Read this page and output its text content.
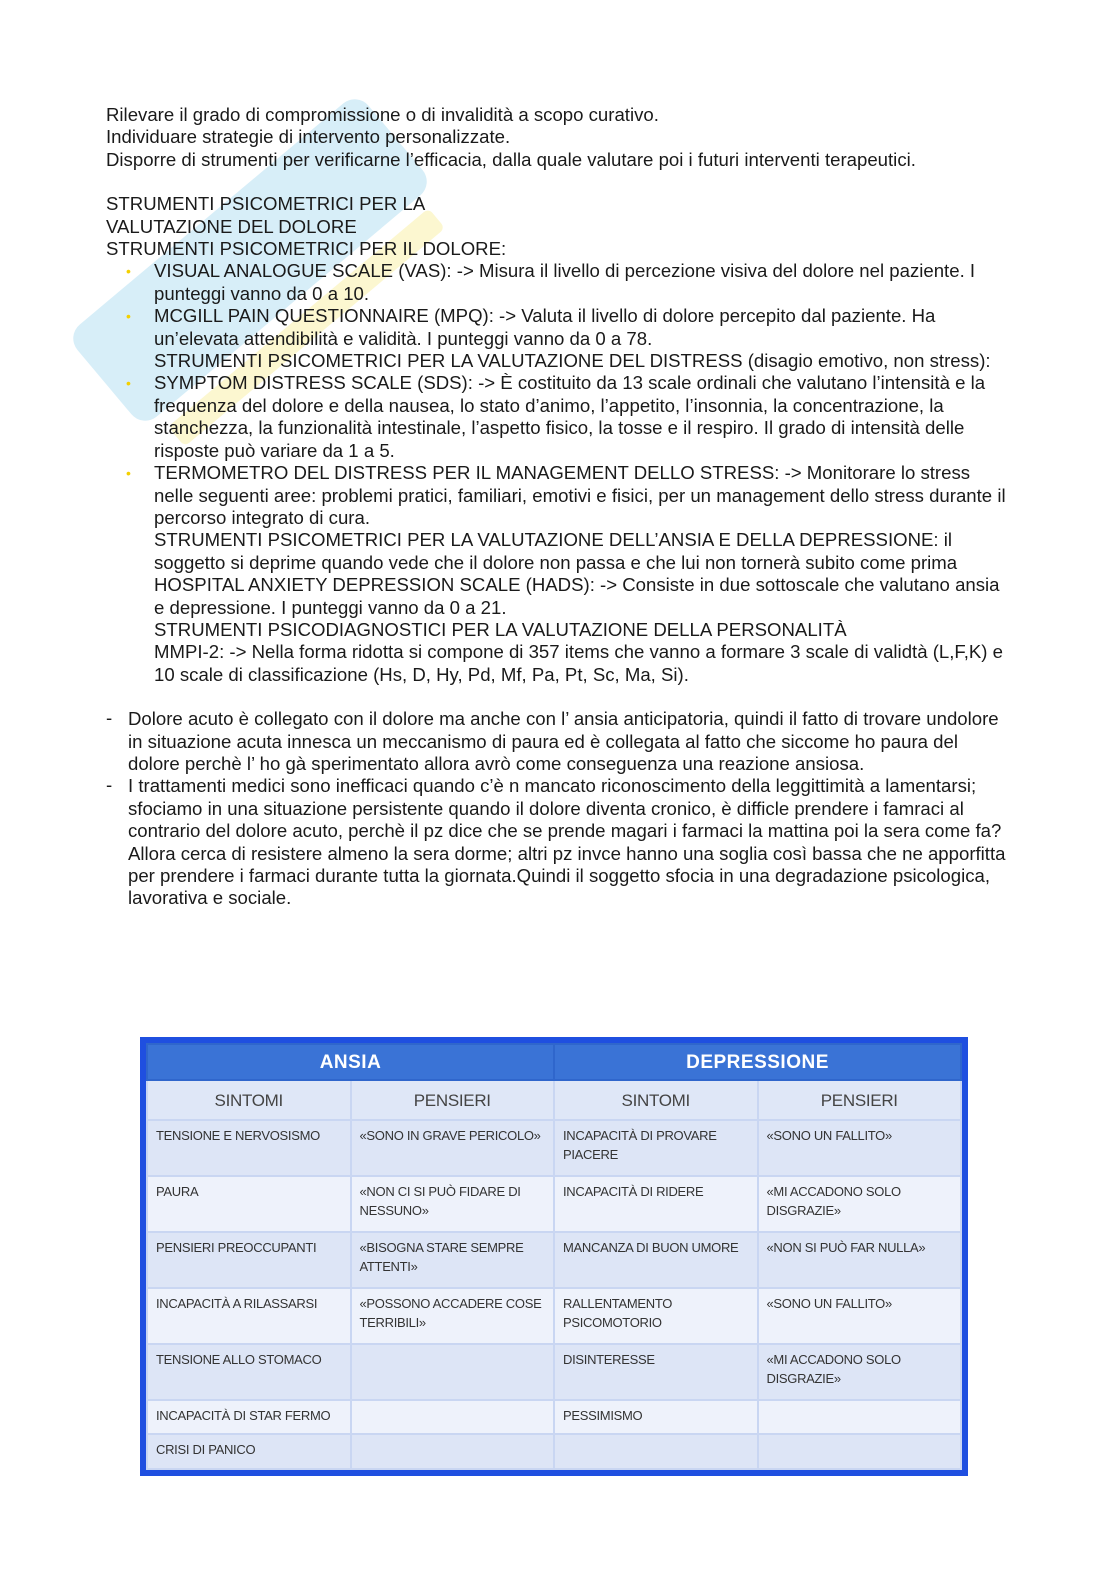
Rilevare il grado di compromissione o di invalidità a scopo curativo.

Individuare strategie di intervento personalizzate.

Disporre di strumenti per verificarne l’efficacia, dalla quale valutare poi i futuri interventi terapeutici.

STRUMENTI PSICOMETRICI PER LA

VALUTAZIONE DEL DOLORE

STRUMENTI PSICOMETRICI PER IL DOLORE:

• VISUAL ANALOGUE SCALE (VAS): -> Misura il livello di percezione visiva del dolore nel paziente. I punteggi vanno da 0 a 10.
• MCGILL PAIN QUESTIONNAIRE (MPQ): -> Valuta il livello di dolore percepito dal paziente. Ha un’elevata attendibilità e validità. I punteggi vanno da 0 a 78.
STRUMENTI PSICOMETRICI PER LA VALUTAZIONE DEL DISTRESS (disagio emotivo, non stress):
• SYMPTOM DISTRESS SCALE (SDS): -> È costituito da 13 scale ordinali che valutano l’intensità e la frequenza del dolore e della nausea, lo stato d’animo, l’appetito, l’insonnia, la concentrazione, la stanchezza, la funzionalità intestinale, l’aspetto fisico, la tosse e il respiro. Il grado di intensità delle risposte può variare da 1 a 5.
• TERMOMETRO DEL DISTRESS PER IL MANAGEMENT DELLO STRESS: -> Monitorare lo stress nelle seguenti aree: problemi pratici, familiari, emotivi e fisici, per un management dello stress durante il percorso integrato di cura.
STRUMENTI PSICOMETRICI PER LA VALUTAZIONE DELL’ANSIA E DELLA DEPRESSIONE: il soggetto si deprime quando vede che il dolore non passa e che lui non tornerà subito come prima
HOSPITAL ANXIETY DEPRESSION SCALE (HADS): -> Consiste in due sottoscale che valutano ansia e depressione. I punteggi vanno da 0 a 21.
STRUMENTI PSICODIAGNOSTICI PER LA VALUTAZIONE DELLA PERSONALITÀ
MMPI-2: -> Nella forma ridotta si compone di 357 items che vanno a formare 3 scale di validtà (L,F,K) e 10 scale di classificazione (Hs, D, Hy, Pd, Mf, Pa, Pt, Sc, Ma, Si).
- Dolore acuto è collegato con il dolore ma anche con l’ ansia anticipatoria, quindi il fatto di trovare undolore in situazione acuta innesca un meccanismo di paura ed è collegata al fatto che siccome ho paura del dolore perchè l’ ho gà sperimentato allora avrò come conseguenza una reazione ansiosa.
- I trattamenti medici sono inefficaci quando c’è n mancato riconoscimento della leggittimità a lamentarsi; sfociamo in una situazione persistente quando il dolore diventa cronico, è difficle prendere i famraci al contrario del dolore acuto, perchè il pz dice che se prende magari i farmaci la mattina poi la sera come fa? Allora cerca di resistere almeno la sera dorme; altri pz invce hanno una soglia così bassa che ne apporfitta per prendere i farmaci durante tutta la giornata.Quindi il soggetto sfocia in una degradazione psicologica, lavorativa e sociale.
ANSIA		DEPRESSIONE	
SINTOMI	PENSIERI	SINTOMI	PENSIERI
TENSIONE E NERVOSISMO	«SONO IN GRAVE PERICOLO»	INCAPACITÀ DI PROVARE PIACERE	«SONO UN FALLITO»
PAURA	«NON CI SI PUÒ FIDARE DI NESSUNO»	INCAPACITÀ DI RIDERE	«MI ACCADONO SOLO DISGRAZIE»
PENSIERI PREOCCUPANTI	«BISOGNA STARE SEMPRE ATTENTI»	MANCANZA DI BUON UMORE	«NON SI PUÒ FAR NULLA»
INCAPACITÀ A RILASSARSI	«POSSONO ACCADERE COSE TERRIBILI»	RALLENTAMENTO PSICOMOTORIO	«SONO UN FALLITO»
TENSIONE ALLO STOMACO		DISINTERESSE	«MI ACCADONO SOLO DISGRAZIE»
INCAPACITÀ DI STAR FERMO		PESSIMISMO	
CRISI DI PANICO			
